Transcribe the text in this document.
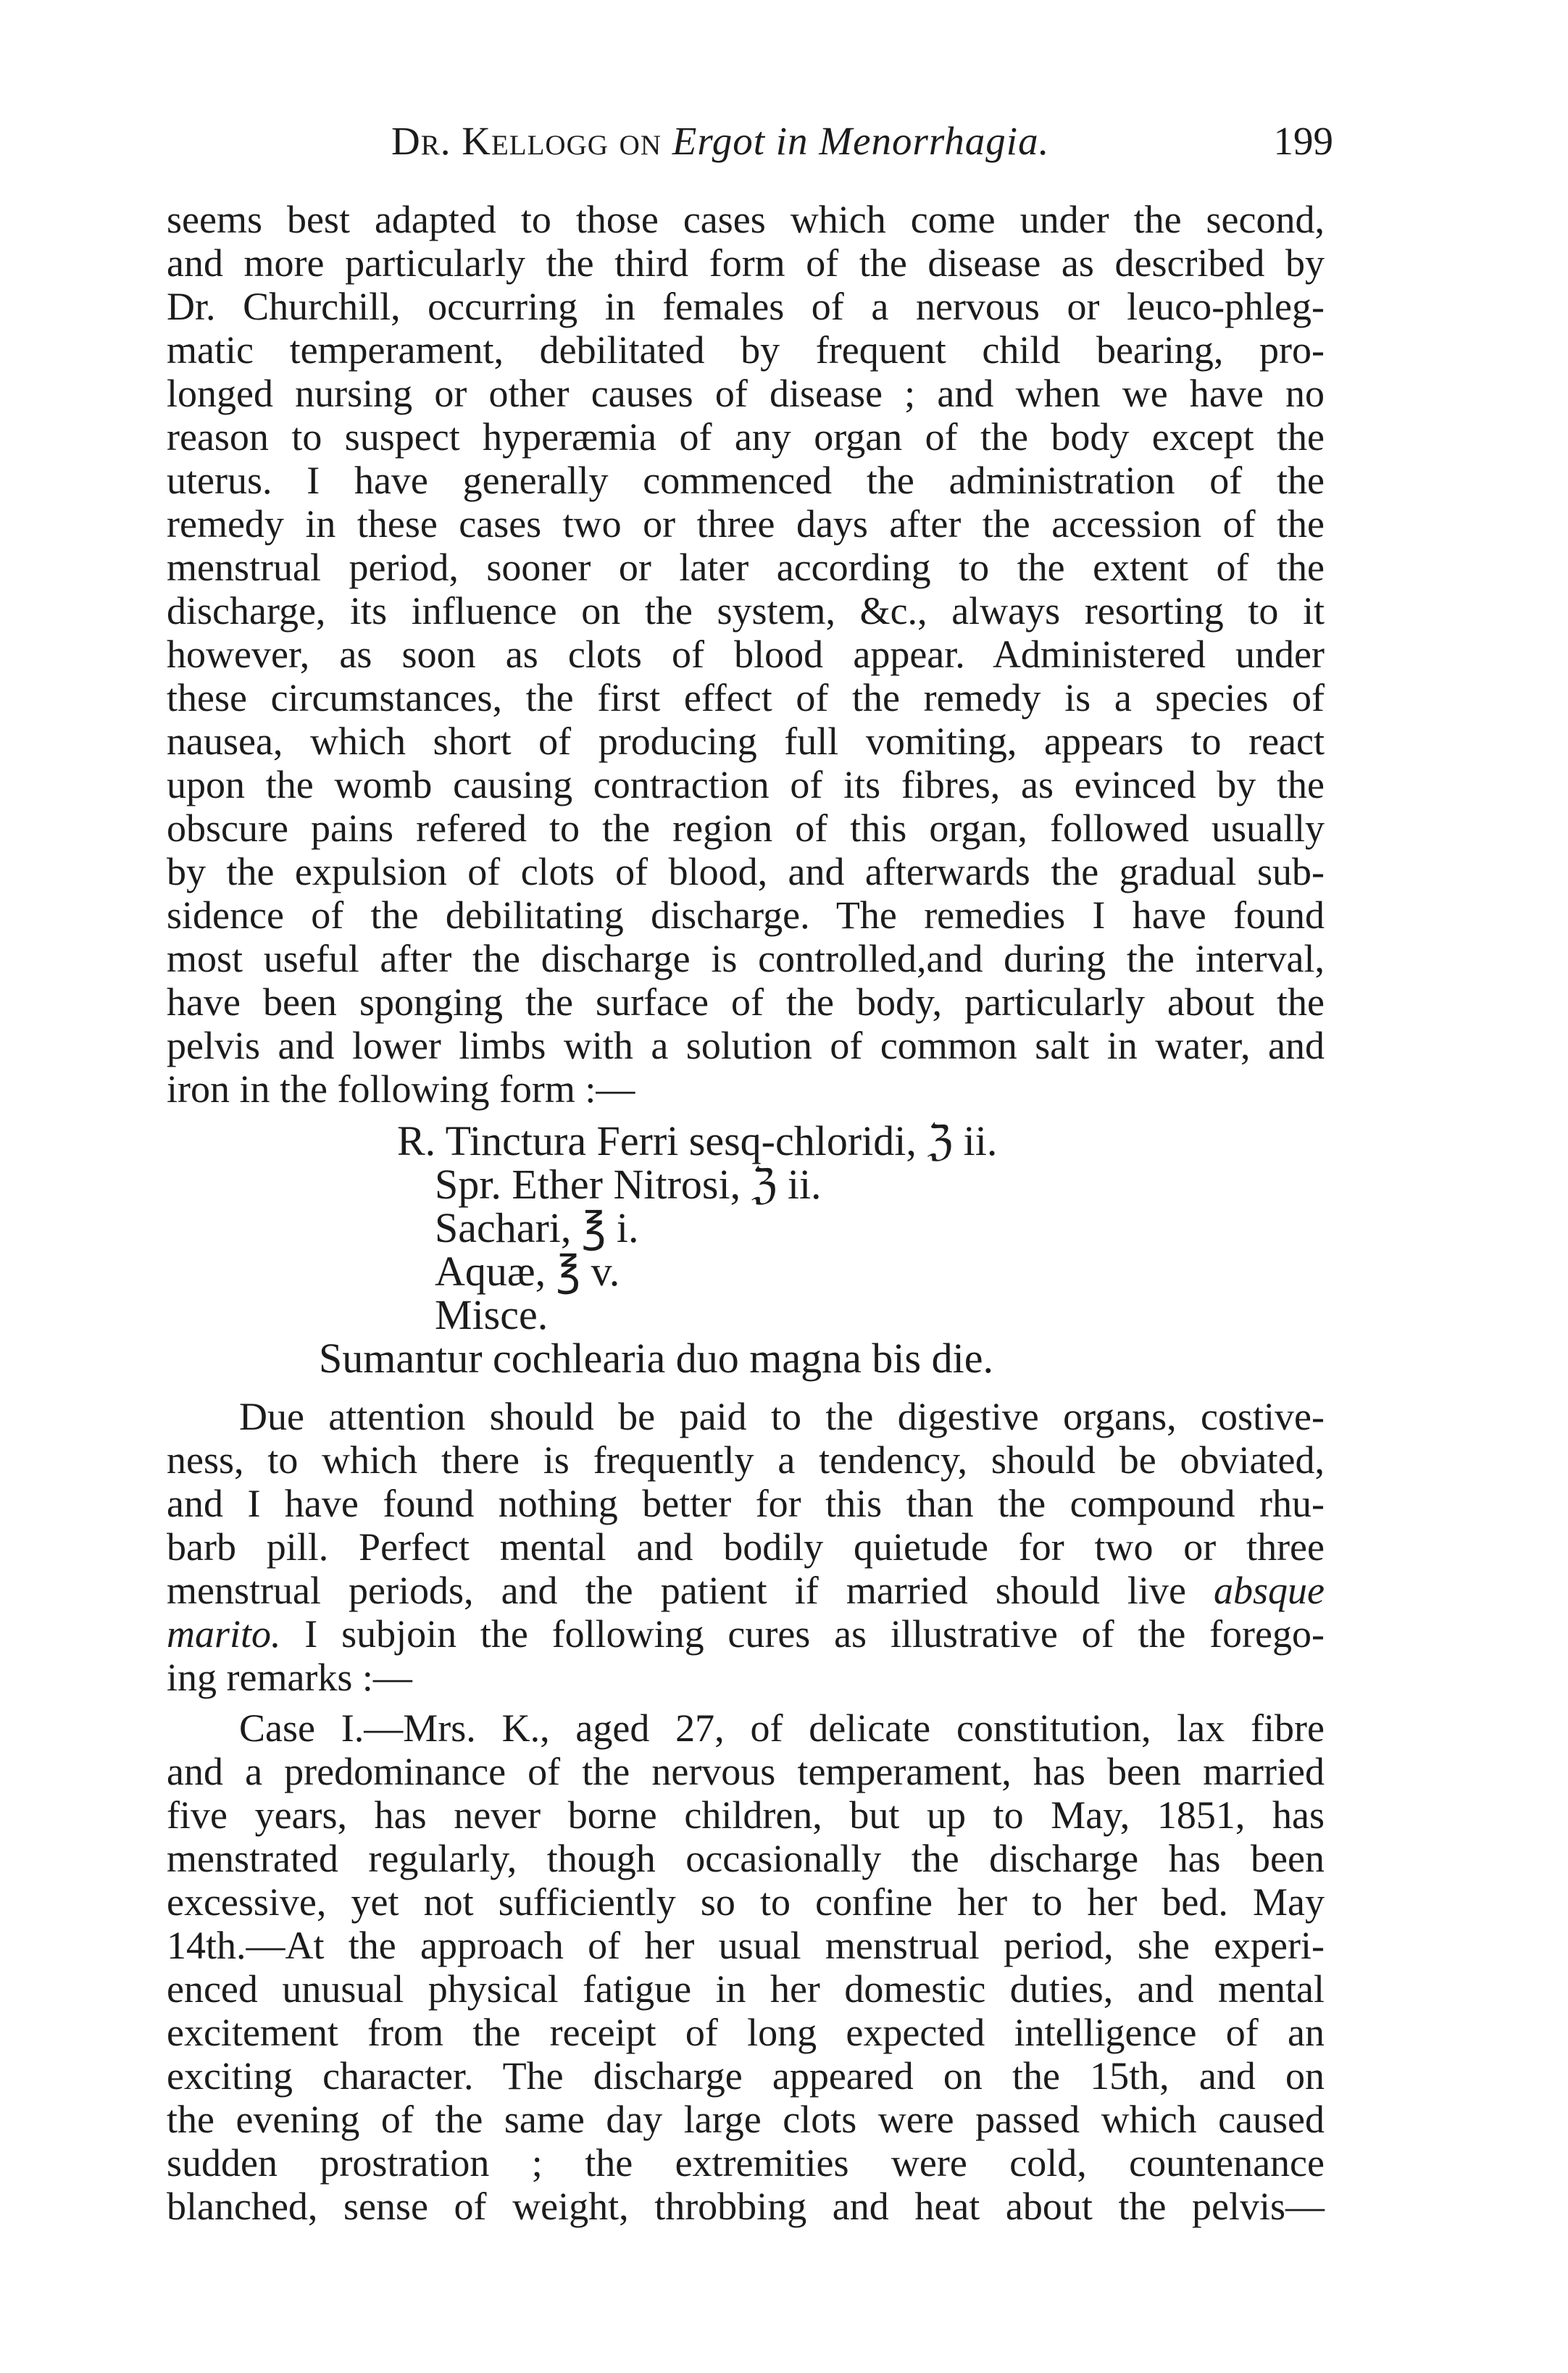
Dr. Kellogg on Ergot in Menorrhagia.	199
seems best adapted to those cases which come under the second,
and more particularly the third form of the disease as described by
Dr. Churchill, occurring in females of a nervous or leuco-phleg-
matic temperament, debilitated by frequent child bearing, pro-
longed nursing or other causes of disease ; and when we have no
reason to suspect hyperæmia of any organ of the body except the
uterus. I have generally commenced the administration of the
remedy in these cases two or three days after the accession of the
menstrual period, sooner or later according to the extent of the
discharge, its influence on the system, &c., always resorting to it
however, as soon as clots of blood appear. Administered under
these circumstances, the first effect of the remedy is a species of
nausea, which short of producing full vomiting, appears to react
upon the womb causing contraction of its fibres, as evinced by the
obscure pains refered to the region of this organ, followed usually
by the expulsion of clots of blood, and afterwards the gradual sub-
sidence of the debilitating discharge. The remedies I have found
most useful after the discharge is controlled,and during the interval,
have been sponging the surface of the body, particularly about the
pelvis and lower limbs with a solution of common salt in water, and
iron in the following form :—
R. Tinctura Ferri sesq-chloridi, ℨ ii.
Spr. Ether Nitrosi, ℨ ii.
Sachari, ℥ i.
Aquæ, ℥ v.
Misce.
Sumantur cochlearia duo magna bis die.
Due attention should be paid to the digestive organs, costive-
ness, to which there is frequently a tendency, should be obviated,
and I have found nothing better for this than the compound rhu-
barb pill. Perfect mental and bodily quietude for two or three
menstrual periods, and the patient if married should live absque
marito. I subjoin the following cures as illustrative of the forego-
ing remarks :—
Case I.—Mrs. K., aged 27, of delicate constitution, lax fibre
and a predominance of the nervous temperament, has been married
five years, has never borne children, but up to May, 1851, has
menstrated regularly, though occasionally the discharge has been
excessive, yet not sufficiently so to confine her to her bed. May
14th.—At the approach of her usual menstrual period, she experi-
enced unusual physical fatigue in her domestic duties, and mental
excitement from the receipt of long expected intelligence of an
exciting character. The discharge appeared on the 15th, and on
the evening of the same day large clots were passed which caused
sudden prostration ; the extremities were cold, countenance
blanched, sense of weight, throbbing and heat about the pelvis—
